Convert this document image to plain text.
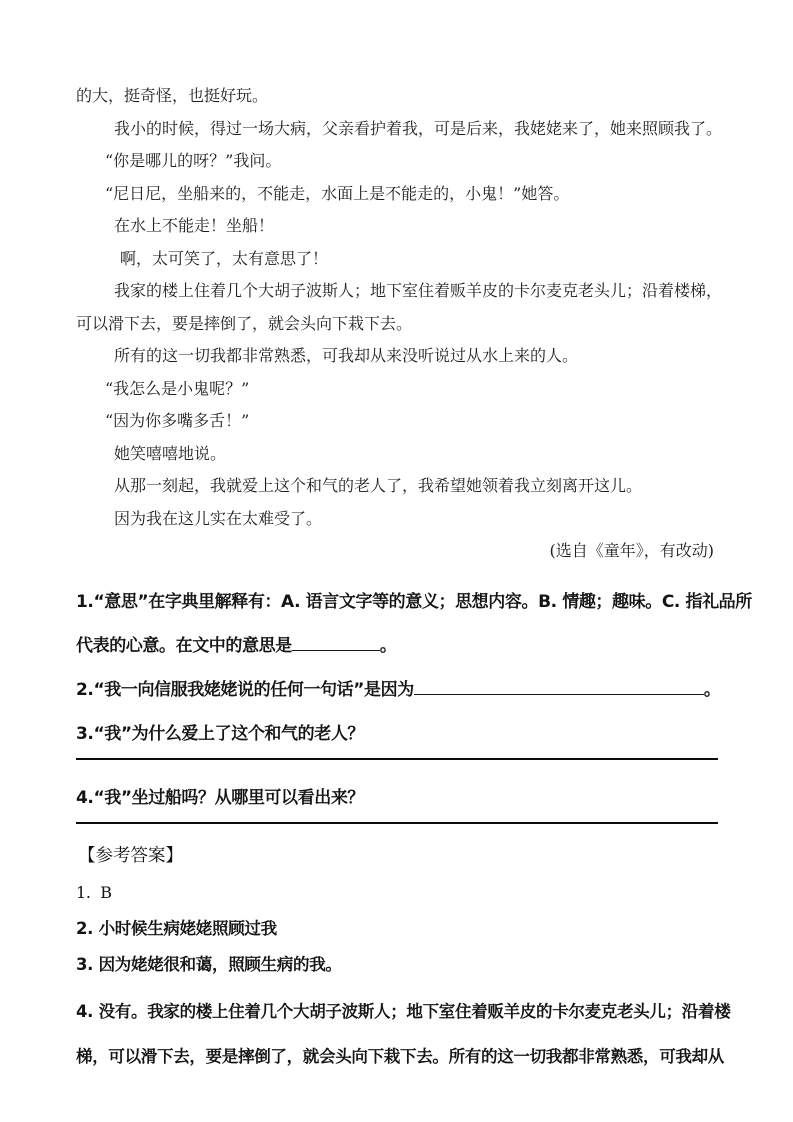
的大，挺奇怪，也挺好玩。

我小的时候，得过一场大病，父亲看护着我，可是后来，我姥姥来了，她来照顾我了。

“你是哪儿的呀？”我问。

“尼日尼，坐船来的，不能走，水面上是不能走的，小鬼！”她答。

在水上不能走！坐船！

啊，太可笑了，太有意思了！

我家的楼上住着几个大胡子波斯人；地下室住着贩羊皮的卡尔麦克老头儿；沿着楼梯，

可以滑下去，要是摔倒了，就会头向下栽下去。

所有的这一切我都非常熟悉，可我却从来没听说过从水上来的人。

“我怎么是小鬼呢？”

“因为你多嘴多舌！”

她笑嘻嘻地说。

从那一刻起，我就爱上这个和气的老人了，我希望她领着我立刻离开这儿。

因为我在这儿实在太难受了。

(选自《童年》，有改动)

1.“意思”在字典里解释有：A. 语言文字等的意义；思想内容。B. 情趣；趣味。C. 指礼品所

代表的心意。在文中的意思是	。

2.“我一向信服我姥姥说的任何一句话”是因为	。

3.“我”为什么爱上了这个和气的老人？

4.“我”坐过船吗？从哪里可以看出来？

【参考答案】

1.  B

2. 小时候生病姥姥照顾过我

3. 因为姥姥很和蔼，照顾生病的我。

4. 没有。我家的楼上住着几个大胡子波斯人；地下室住着贩羊皮的卡尔麦克老头儿；沿着楼

梯，可以滑下去，要是摔倒了，就会头向下栽下去。所有的这一切我都非常熟悉，可我却从
